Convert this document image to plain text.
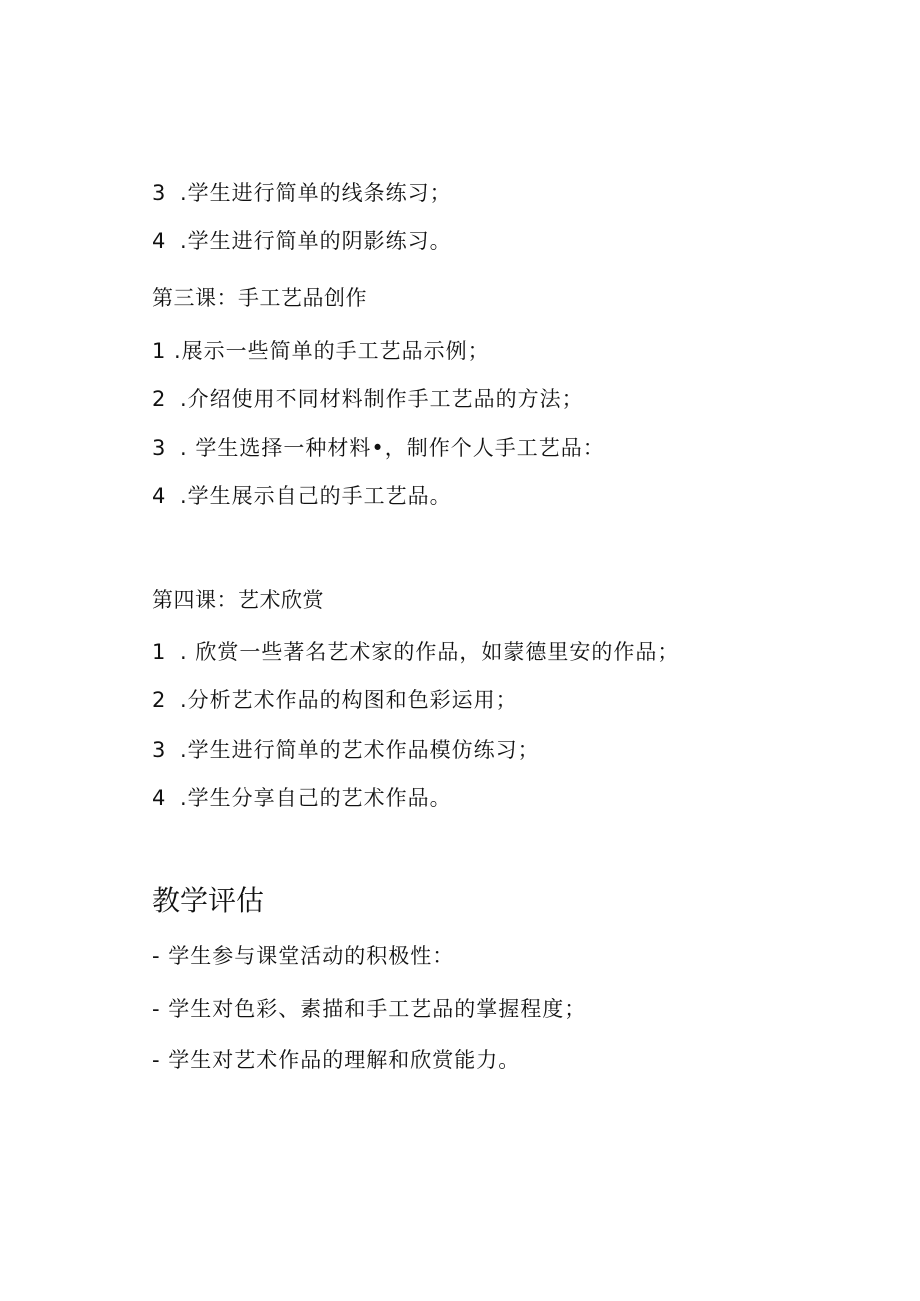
3 .学生进行简单的线条练习；
4 .学生进行简单的阴影练习。
第三课：手工艺品创作
1 .展示一些简单的手工艺品示例；
2 .介绍使用不同材料制作手工艺品的方法；
3 . 学生选择一种材料•，制作个人手工艺品：
4 .学生展示自己的手工艺品。
第四课：艺术欣赏
1 . 欣赏一些著名艺术家的作品，如蒙德里安的作品；
2 .分析艺术作品的构图和色彩运用；
3 .学生进行简单的艺术作品模仿练习；
4 .学生分享自己的艺术作品。
教学评估
- 学生参与课堂活动的积极性：
- 学生对色彩、素描和手工艺品的掌握程度；
- 学生对艺术作品的理解和欣赏能力。
